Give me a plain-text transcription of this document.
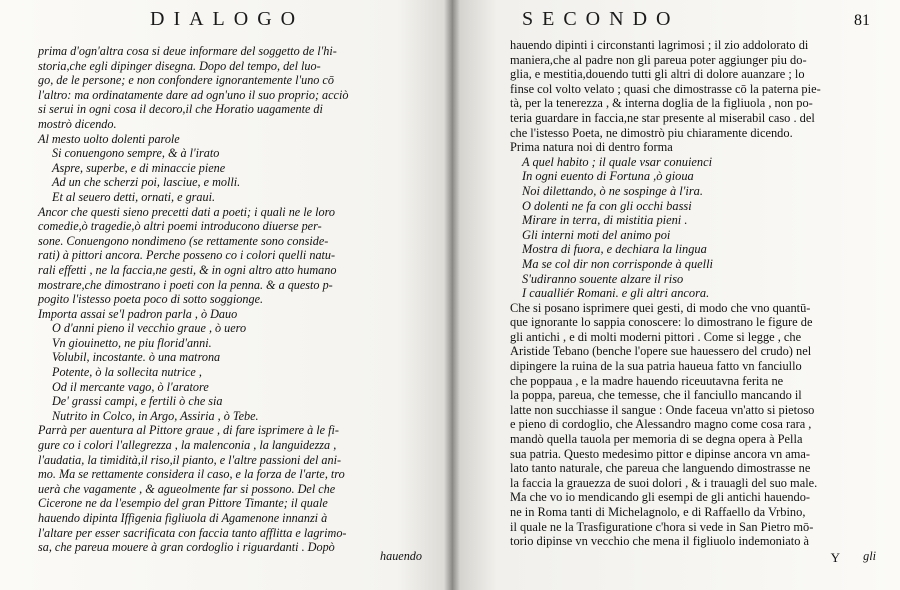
DIALOGO
prima d'ogn'altra cosa si deue informare del soggetto de l'hi-
storia,che egli dipinger disegna. Dopo del tempo, del luo-
go, de le persone; e non confondere ignorantemente l'uno cō
l'altro: ma ordinatamente dare ad ogn'uno il suo proprio; acciò
si serui in ogni cosa il decoro,il che Horatio uagamente di
mostrò dicendo.
Al mesto uolto dolenti parole
Si conuengono sempre, & à l'irato
Aspre, superbe, e di minaccie piene
Ad un che scherzi poi, lasciue, e molli.
Et al seuero detti, ornati, e graui.
Ancor che questi sieno precetti dati a poeti; i quali ne le loro
comedie,ò tragedie,ò altri poemi introducono diuerse per-
sone. Conuengono nondimeno (se rettamente sono conside-
rati) à pittori ancora. Perche posseno co i colori quelli natu-
rali effetti , ne la faccia,ne gesti, & in ogni altro atto humano
mostrare,che dimostrano i poeti con la penna. & a questo p-
pogito l'istesso poeta poco di sotto soggionge.
Importa assai se'l padron parla , ò Dauo
O d'anni pieno il vecchio graue , ò uero
Vn giouinetto, ne piu florid'anni.
Volubil, incostante. ò una matrona
Potente, ò la sollecita nutrice ,
Od il mercante vago, ò l'aratore
De' grassi campi, e fertili ò che sia
Nutrito in Colco, in Argo, Assiria , ò Tebe.
Parrà per auentura al Pittore graue , di fare isprimere à le fi-
gure co i colori l'allegrezza , la malenconia , la languidezza ,
l'audatia, la timidità,il riso,il pianto, e l'altre passioni del ani-
mo. Ma se rettamente considera il caso, e la forza de l'arte, tro
uerà che vagamente , & agueolmente far si possono. Del che
Cicerone ne da l'esempio del gran Pittore Timante; il quale
hauendo dipinta Iffigenia figliuola di Agamenone innanzi à
l'altare per esser sacrificata con faccia tanto afflitta e lagrimo-
sa, che pareua mouere à gran cordoglio i riguardanti . Dopò
hauendo
SECONDO	81
hauendo dipinti i circonstanti lagrimosi ; il zio addolorato di
maniera,che al padre non gli pareua poter aggiunger piu do-
glia, e mestitia,douendo tutti gli altri di dolore auanzare ; lo
finse col volto velato ; quasi che dimostrasse cō la paterna pie-
tà, per la tenerezza , & interna doglia de la figliuola , non po-
teria guardare in faccia,ne star presente al miserabil caso . del
che l'istesso Poeta, ne dimostrò piu chiaramente dicendo.
Prima natura noi di dentro forma
A quel habito ; il quale vsar conuienci
In ogni euento di Fortuna ,ò gioua
Noi dilettando, ò ne sospinge à l'ira.
O dolenti ne fa con gli occhi bassi
Mirare in terra, di mistitia pieni .
Gli interni moti del animo poi
Mostra di fuora, e dechiara la lingua
Ma se col dir non corrisponde à quelli
S'udiranno souente alzare il riso
I caualliér Romani. e gli altri ancora.
Che si posano isprimere quei gesti, di modo che vno quantū-
que ignorante lo sappia conoscere: lo dimostrano le figure de
gli antichi , e di molti moderni pittori . Come si legge , che
Aristide Tebano (benche l'opere sue hauessero del crudo) nel
dipingere la ruina de la sua patria haueua fatto vn fanciullo
che poppaua , e la madre hauendo riceuutavna ferita ne
la poppa, pareua, che temesse, che il fanciullo mancando il
latte non succhiasse il sangue : Onde faceua vn'atto si pietoso
e pieno di cordoglio, che Alessandro magno come cosa rara ,
mandò quella tauola per memoria di se degna opera à Pella
sua patria. Questo medesimo pittor e dipinse ancora vn ama-
lato tanto naturale, che pareua che languendo dimostrasse ne
la faccia la grauezza de suoi dolori , & i trauagli del suo male.
Ma che vo io mendicando gli esempi de gli antichi hauendo-
ne in Roma tanti di Michelagnolo, e di Raffaello da Vrbino,
il quale ne la Trasfiguratione c'hora si vede in San Pietro mō-
torio dipinse vn vecchio che mena il figliuolo indemoniato à
Y gli
